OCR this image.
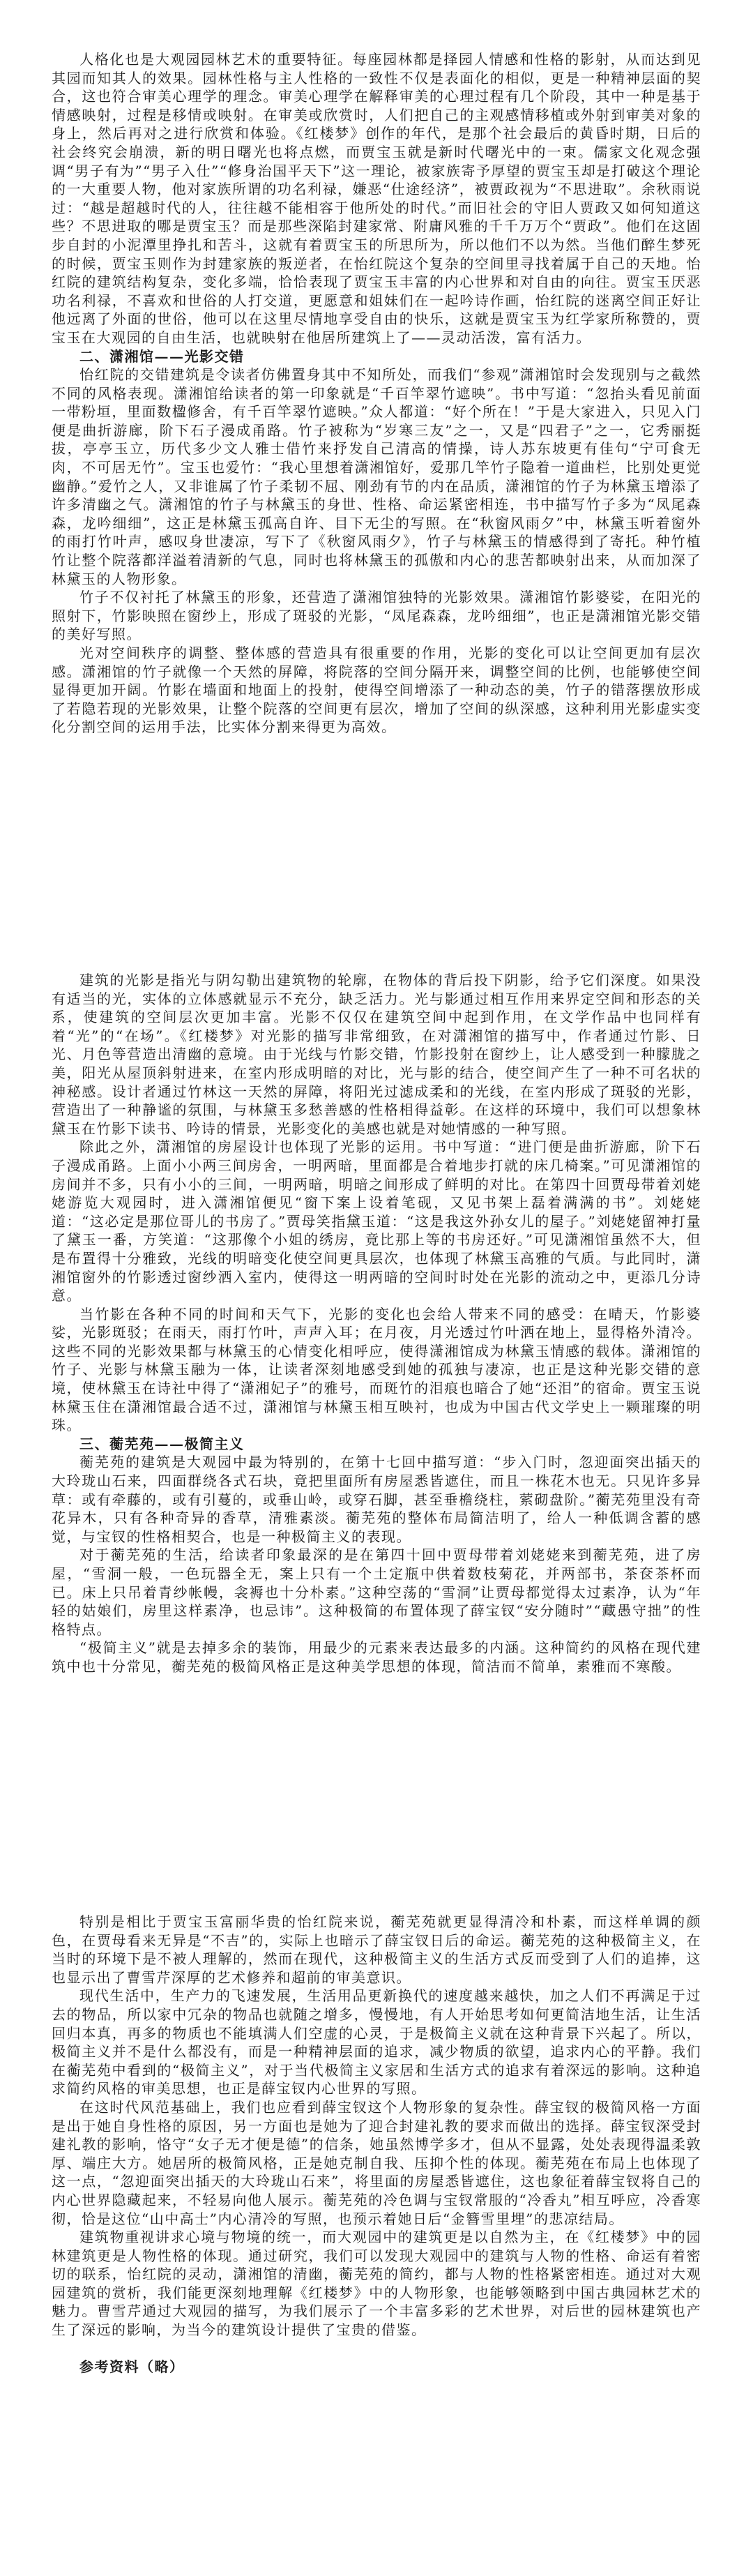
人格化也是大观园园林艺术的重要特征。每座园林都是择园人情感和性格的影射，从而达到见其园而知其人的效果。园林性格与主人性格的一致性不仅是表面化的相似，更是一种精神层面的契合，这也符合审美心理学的理念。审美心理学在解释审美的心理过程有几个阶段，其中一种是基于情感映射，过程是移情或映射。在审美或欣赏时，人们把自己的主观感情移植或外射到审美对象的身上，然后再对之进行欣赏和体验。《红楼梦》创作的年代，是那个社会最后的黄昏时期，日后的社会终究会崩溃，新的明日曙光也将点燃，而贾宝玉就是新时代曙光中的一束。儒家文化观念强调“男子有为”“男子入仕”“修身治国平天下”这一理论，被家族寄予厚望的贾宝玉却是打破这个理论的一大重要人物，他对家族所谓的功名利禄，嫌恶“仕途经济”，被贾政视为“不思进取”。余秋雨说过：“越是超越时代的人，往往越不能相容于他所处的时代。”而旧社会的守旧人贾政又如何知道这些？不思进取的哪是贾宝玉？而是那些深陷封建家常、附庸风雅的千千万万个“贾政”。他们在这固步自封的小泥潭里挣扎和苦斗，这就有着贾宝玉的所思所为，所以他们不以为然。当他们醉生梦死的时候，贾宝玉则作为封建家族的叛逆者，在怡红院这个复杂的空间里寻找着属于自己的天地。怡红院的建筑结构复杂，变化多端，恰恰表现了贾宝玉丰富的内心世界和对自由的向往。贾宝玉厌恶功名利禄，不喜欢和世俗的人打交道，更愿意和姐妹们在一起吟诗作画，怡红院的迷离空间正好让他远离了外面的世俗，他可以在这里尽情地享受自由的快乐，这就是贾宝玉为红学家所称赞的，贾宝玉在大观园的自由生活，也就映射在他居所建筑上了——灵动活泼，富有活力。

二、潇湘馆——光影交错

怡红院的交错建筑是令读者仿佛置身其中不知所处，而我们“参观”潇湘馆时会发现别与之截然不同的风格表现。潇湘馆给读者的第一印象就是“千百竿翠竹遮映”。书中写道：“忽抬头看见前面一带粉垣，里面数楹修舍，有千百竿翠竹遮映。”众人都道：“好个所在！”于是大家进入，只见入门便是曲折游廊，阶下石子漫成甬路。竹子被称为“岁寒三友”之一，又是“四君子”之一，它秀丽挺拔，亭亭玉立，历代多少文人雅士借竹来抒发自己清高的情操，诗人苏东坡更有佳句“宁可食无肉，不可居无竹”。宝玉也爱竹：“我心里想着潇湘馆好，爱那几竿竹子隐着一道曲栏，比别处更觉幽静。”爱竹之人，又非谁属了竹子柔韧不屈、刚劲有节的内在品质，潇湘馆的竹子为林黛玉增添了许多清幽之气。潇湘馆的竹子与林黛玉的身世、性格、命运紧密相连，书中描写竹子多为“凤尾森森，龙吟细细”，这正是林黛玉孤高自许、目下无尘的写照。在“秋窗风雨夕”中，林黛玉听着窗外的雨打竹叶声，感叹身世凄凉，写下了《秋窗风雨夕》，竹子与林黛玉的情感得到了寄托。种竹植竹让整个院落都洋溢着清新的气息，同时也将林黛玉的孤傲和内心的悲苦都映射出来，从而加深了林黛玉的人物形象。

竹子不仅衬托了林黛玉的形象，还营造了潇湘馆独特的光影效果。潇湘馆竹影婆娑，在阳光的照射下，竹影映照在窗纱上，形成了斑驳的光影，“凤尾森森，龙吟细细”，也正是潇湘馆光影交错的美好写照。

光对空间秩序的调整、整体感的营造具有很重要的作用，光影的变化可以让空间更加有层次感。潇湘馆的竹子就像一个天然的屏障，将院落的空间分隔开来，调整空间的比例，也能够使空间显得更加开阔。竹影在墙面和地面上的投射，使得空间增添了一种动态的美，竹子的错落摆放形成了若隐若现的光影效果，让整个院落的空间更有层次，增加了空间的纵深感，这种利用光影虚实变化分割空间的运用手法，比实体分割来得更为高效。

建筑的光影是指光与阴勾勒出建筑物的轮廓，在物体的背后投下阴影，给予它们深度。如果没有适当的光，实体的立体感就显示不充分，缺乏活力。光与影通过相互作用来界定空间和形态的关系，使建筑的空间层次更加丰富。光影不仅仅在建筑空间中起到作用，在文学作品中也同样有着“光”的“在场”。《红楼梦》对光影的描写非常细致，在对潇湘馆的描写中，作者通过竹影、日光、月色等营造出清幽的意境。由于光线与竹影交错，竹影投射在窗纱上，让人感受到一种朦胧之美，阳光从屋顶斜射进来，在室内形成明暗的对比，光与影的结合，使空间产生了一种不可名状的神秘感。设计者通过竹林这一天然的屏障，将阳光过滤成柔和的光线，在室内形成了斑驳的光影，营造出了一种静谧的氛围，与林黛玉多愁善感的性格相得益彰。在这样的环境中，我们可以想象林黛玉在竹影下读书、吟诗的情景，光影变化的美感也就是对她情感的一种写照。

除此之外，潇湘馆的房屋设计也体现了光影的运用。书中写道：“进门便是曲折游廊，阶下石子漫成甬路。上面小小两三间房舍，一明两暗，里面都是合着地步打就的床几椅案。”可见潇湘馆的房间并不多，只有小小的三间，一明两暗，明暗之间形成了鲜明的对比。在第四十回贾母带着刘姥姥游览大观园时，进入潇湘馆便见“窗下案上设着笔砚，又见书架上磊着满满的书”。刘姥姥道：“这必定是那位哥儿的书房了。”贾母笑指黛玉道：“这是我这外孙女儿的屋子。”刘姥姥留神打量了黛玉一番，方笑道：“这那像个小姐的绣房，竟比那上等的书房还好。”可见潇湘馆虽然不大，但是布置得十分雅致，光线的明暗变化使空间更具层次，也体现了林黛玉高雅的气质。与此同时，潇湘馆窗外的竹影透过窗纱洒入室内，使得这一明两暗的空间时时处在光影的流动之中，更添几分诗意。

当竹影在各种不同的时间和天气下，光影的变化也会给人带来不同的感受：在晴天，竹影婆娑，光影斑驳；在雨天，雨打竹叶，声声入耳；在月夜，月光透过竹叶洒在地上，显得格外清冷。这些不同的光影效果都与林黛玉的心情变化相呼应，使得潇湘馆成为林黛玉情感的载体。潇湘馆的竹子、光影与林黛玉融为一体，让读者深刻地感受到她的孤独与凄凉，也正是这种光影交错的意境，使林黛玉在诗社中得了“潇湘妃子”的雅号，而斑竹的泪痕也暗合了她“还泪”的宿命。贾宝玉说林黛玉住在潇湘馆最合适不过，潇湘馆与林黛玉相互映衬，也成为中国古代文学史上一颗璀璨的明珠。

三、蘅芜苑——极简主义

蘅芜苑的建筑是大观园中最为特别的，在第十七回中描写道：“步入门时，忽迎面突出插天的大玲珑山石来，四面群绕各式石块，竟把里面所有房屋悉皆遮住，而且一株花木也无。只见许多异草：或有牵藤的，或有引蔓的，或垂山岭，或穿石脚，甚至垂檐绕柱，萦砌盘阶。”蘅芜苑里没有奇花异木，只有各种奇异的香草，清雅素淡。蘅芜苑的整体布局简洁明了，给人一种低调含蓄的感觉，与宝钗的性格相契合，也是一种极简主义的表现。

对于蘅芜苑的生活，给读者印象最深的是在第四十回中贾母带着刘姥姥来到蘅芜苑，进了房屋，“雪洞一般，一色玩器全无，案上只有一个土定瓶中供着数枝菊花，并两部书，茶奁茶杯而已。床上只吊着青纱帐幔，衾褥也十分朴素。”这种空荡的“雪洞”让贾母都觉得太过素净，认为“年轻的姑娘们，房里这样素净，也忌讳”。这种极简的布置体现了薛宝钗“安分随时”“藏愚守拙”的性格特点。

“极简主义”就是去掉多余的装饰，用最少的元素来表达最多的内涵。这种简约的风格在现代建筑中也十分常见，蘅芜苑的极简风格正是这种美学思想的体现，简洁而不简单，素雅而不寒酸。

特别是相比于贾宝玉富丽华贵的怡红院来说，蘅芜苑就更显得清冷和朴素，而这样单调的颜色，在贾母看来无异是“不吉”的，实际上也暗示了薛宝钗日后的命运。蘅芜苑的这种极简主义，在当时的环境下是不被人理解的，然而在现代，这种极简主义的生活方式反而受到了人们的追捧，这也显示出了曹雪芹深厚的艺术修养和超前的审美意识。

现代生活中，生产力的飞速发展，生活用品更新换代的速度越来越快，加之人们不再满足于过去的物品，所以家中冗杂的物品也就随之增多，慢慢地，有人开始思考如何更简洁地生活，让生活回归本真，再多的物质也不能填满人们空虚的心灵，于是极简主义就在这种背景下兴起了。所以，极简主义并不是什么都没有，而是一种精神层面的追求，减少物质的欲望，追求内心的平静。我们在蘅芜苑中看到的“极简主义”，对于当代极简主义家居和生活方式的追求有着深远的影响。这种追求简约风格的审美思想，也正是薛宝钗内心世界的写照。

在这时代风范基础上，我们也应看到薛宝钗这个人物形象的复杂性。薛宝钗的极简风格一方面是出于她自身性格的原因，另一方面也是她为了迎合封建礼教的要求而做出的选择。薛宝钗深受封建礼教的影响，恪守“女子无才便是德”的信条，她虽然博学多才，但从不显露，处处表现得温柔敦厚、端庄大方。她居所的极简风格，正是她克制自我、压抑个性的体现。蘅芜苑在布局上也体现了这一点，“忽迎面突出插天的大玲珑山石来”，将里面的房屋悉皆遮住，这也象征着薛宝钗将自己的内心世界隐藏起来，不轻易向他人展示。蘅芜苑的冷色调与宝钗常服的“冷香丸”相互呼应，冷香寒彻，恰是这位“山中高士”内心清冷的写照，也预示着她日后“金簪雪里埋”的悲凉结局。

建筑物重视讲求心境与物境的统一，而大观园中的建筑更是以自然为主，在《红楼梦》中的园林建筑更是人物性格的体现。通过研究，我们可以发现大观园中的建筑与人物的性格、命运有着密切的联系，怡红院的灵动，潇湘馆的清幽，蘅芜苑的简约，都与人物的性格紧密相连。通过对大观园建筑的赏析，我们能更深刻地理解《红楼梦》中的人物形象，也能够领略到中国古典园林艺术的魅力。曹雪芹通过大观园的描写，为我们展示了一个丰富多彩的艺术世界，对后世的园林建筑也产生了深远的影响，为当今的建筑设计提供了宝贵的借鉴。

参考资料（略）
